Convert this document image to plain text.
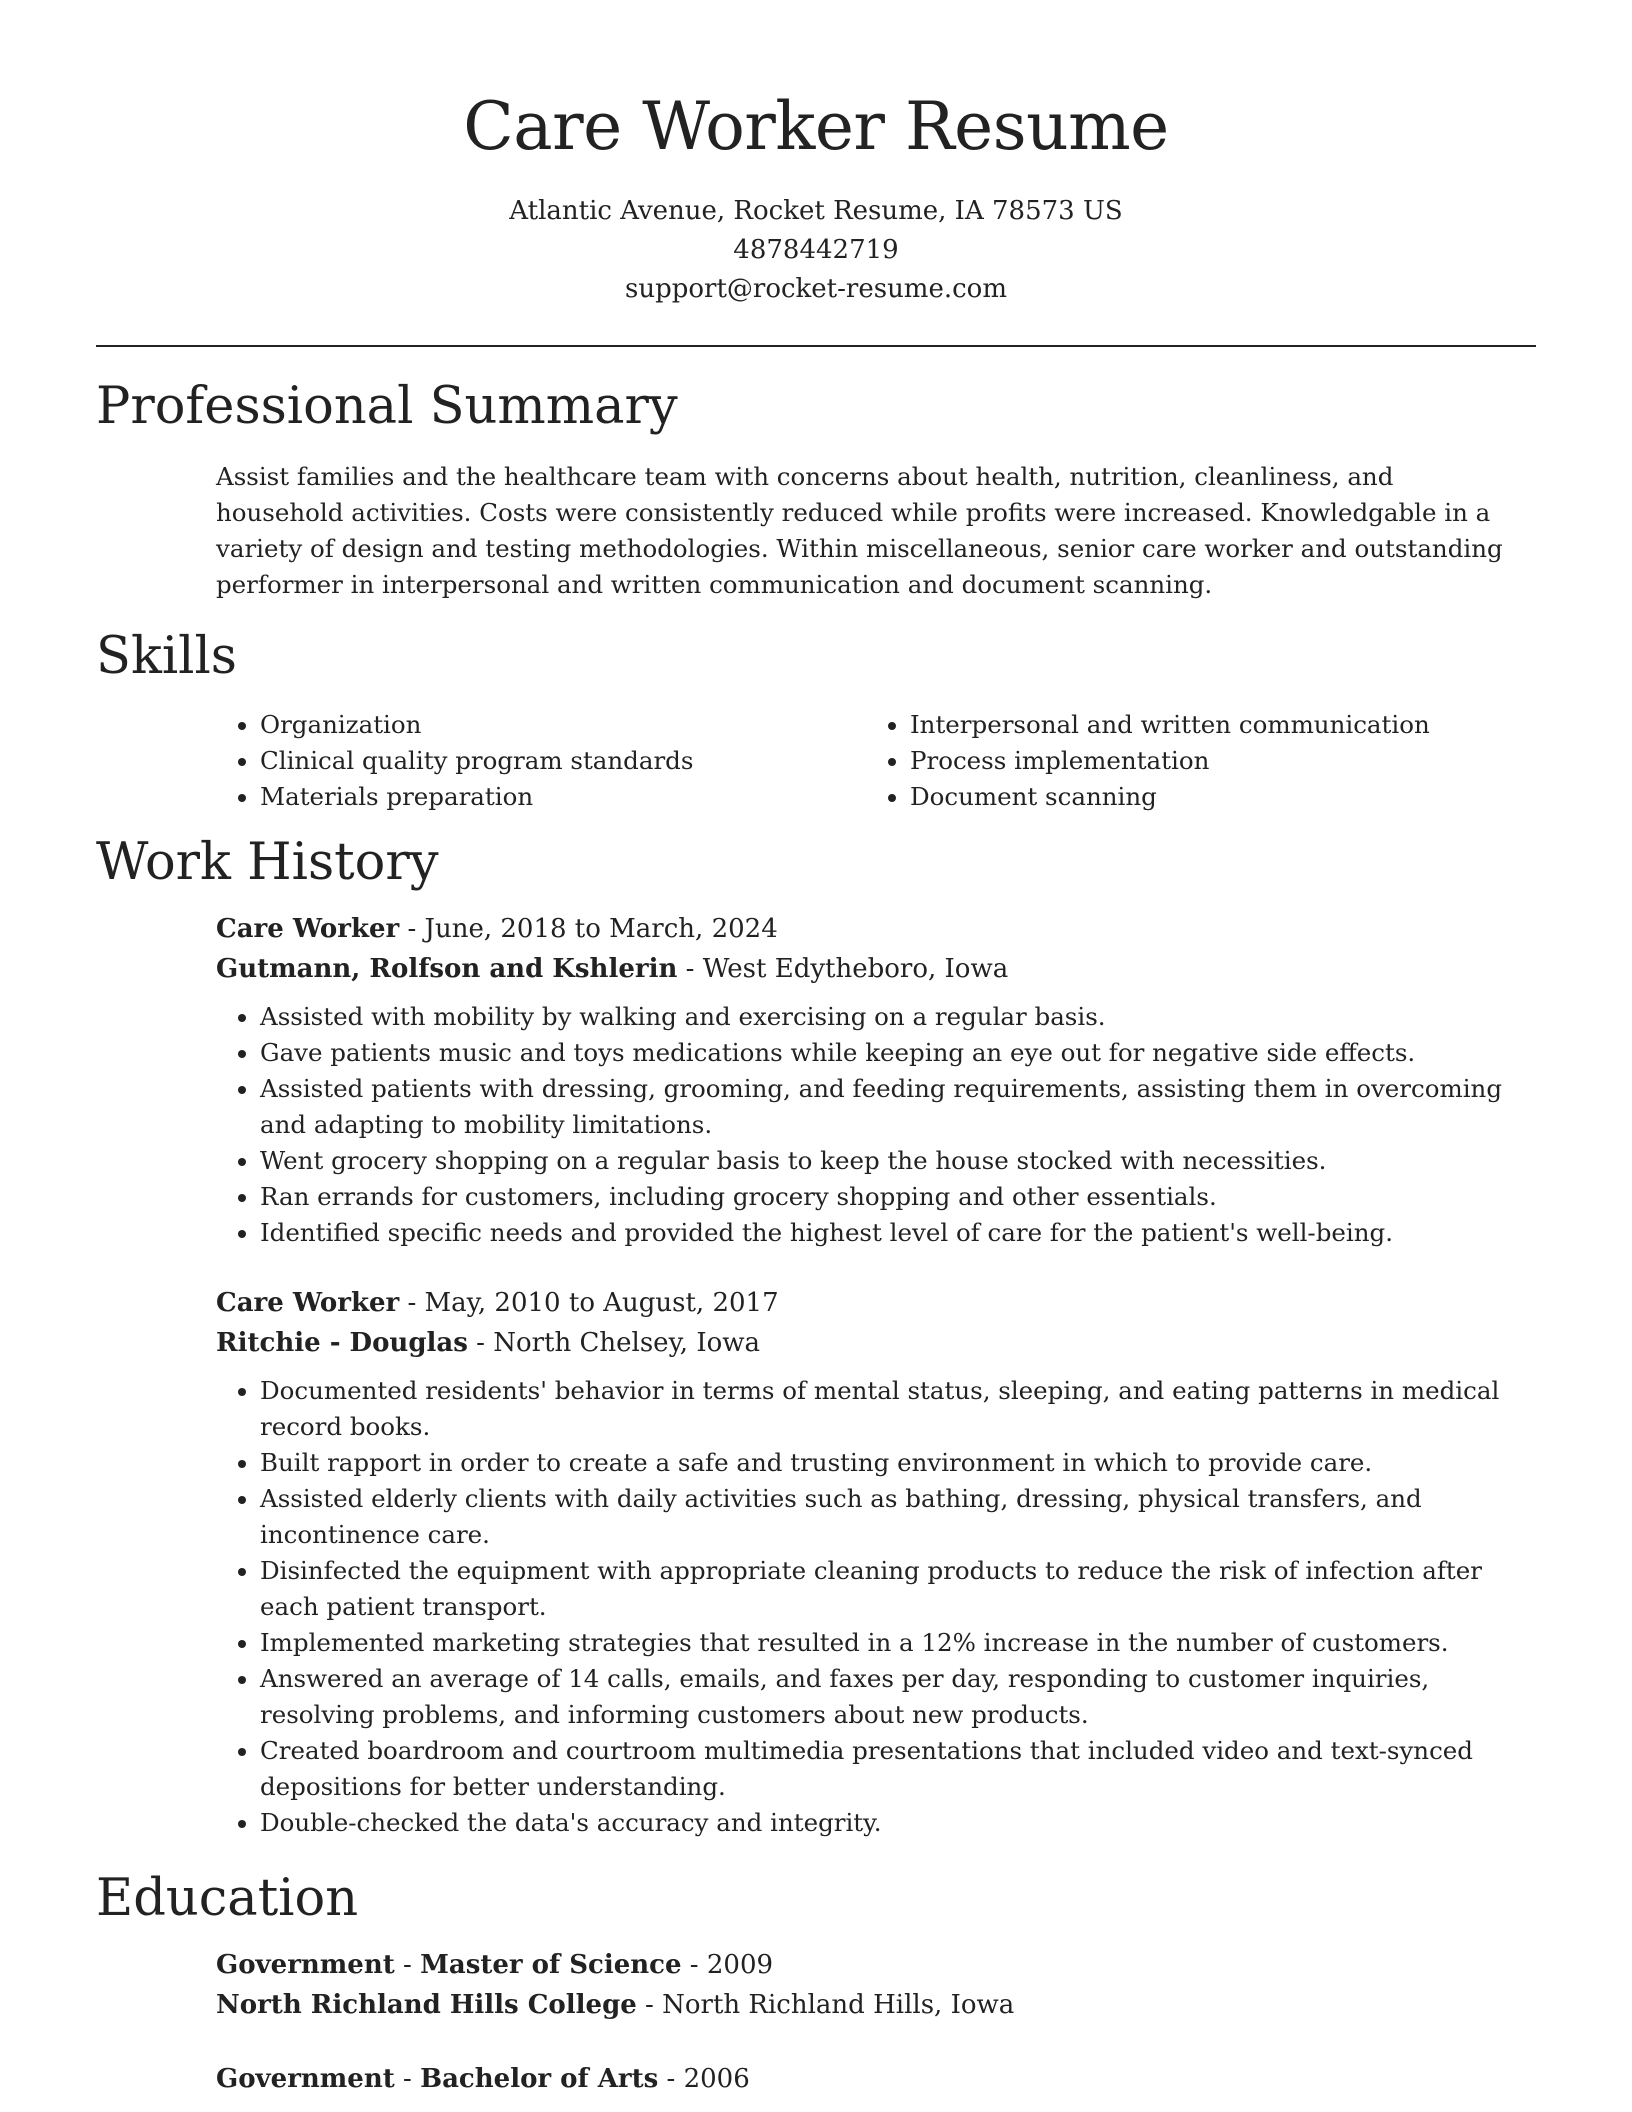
Care Worker Resume
Atlantic Avenue, Rocket Resume, IA 78573 US
4878442719
support@rocket-resume.com
Professional Summary

Assist families and the healthcare team with concerns about health, nutrition, cleanliness, and household activities. Costs were consistently reduced while profits were increased. Knowledgable in a variety of design and testing methodologies. Within miscellaneous, senior care worker and outstanding performer in interpersonal and written communication and document scanning.

Skills
• Organization
• Clinical quality program standards
• Materials preparation
• Interpersonal and written communication
• Process implementation
• Document scanning
Work History
Care Worker - June, 2018 to March, 2024
Gutmann, Rolfson and Kshlerin - West Edytheboro, Iowa
• Assisted with mobility by walking and exercising on a regular basis.
• Gave patients music and toys medications while keeping an eye out for negative side effects.
• Assisted patients with dressing, grooming, and feeding requirements, assisting them in overcoming and adapting to mobility limitations.
• Went grocery shopping on a regular basis to keep the house stocked with necessities.
• Ran errands for customers, including grocery shopping and other essentials.
• Identified specific needs and provided the highest level of care for the patient's well-being.
Care Worker - May, 2010 to August, 2017
Ritchie - Douglas - North Chelsey, Iowa
• Documented residents' behavior in terms of mental status, sleeping, and eating patterns in medical record books.
• Built rapport in order to create a safe and trusting environment in which to provide care.
• Assisted elderly clients with daily activities such as bathing, dressing, physical transfers, and incontinence care.
• Disinfected the equipment with appropriate cleaning products to reduce the risk of infection after each patient transport.
• Implemented marketing strategies that resulted in a 12% increase in the number of customers.
• Answered an average of 14 calls, emails, and faxes per day, responding to customer inquiries, resolving problems, and informing customers about new products.
• Created boardroom and courtroom multimedia presentations that included video and text-synced depositions for better understanding.
• Double-checked the data's accuracy and integrity.
Education
Government - Master of Science - 2009
North Richland Hills College - North Richland Hills, Iowa
Government - Bachelor of Arts - 2006
